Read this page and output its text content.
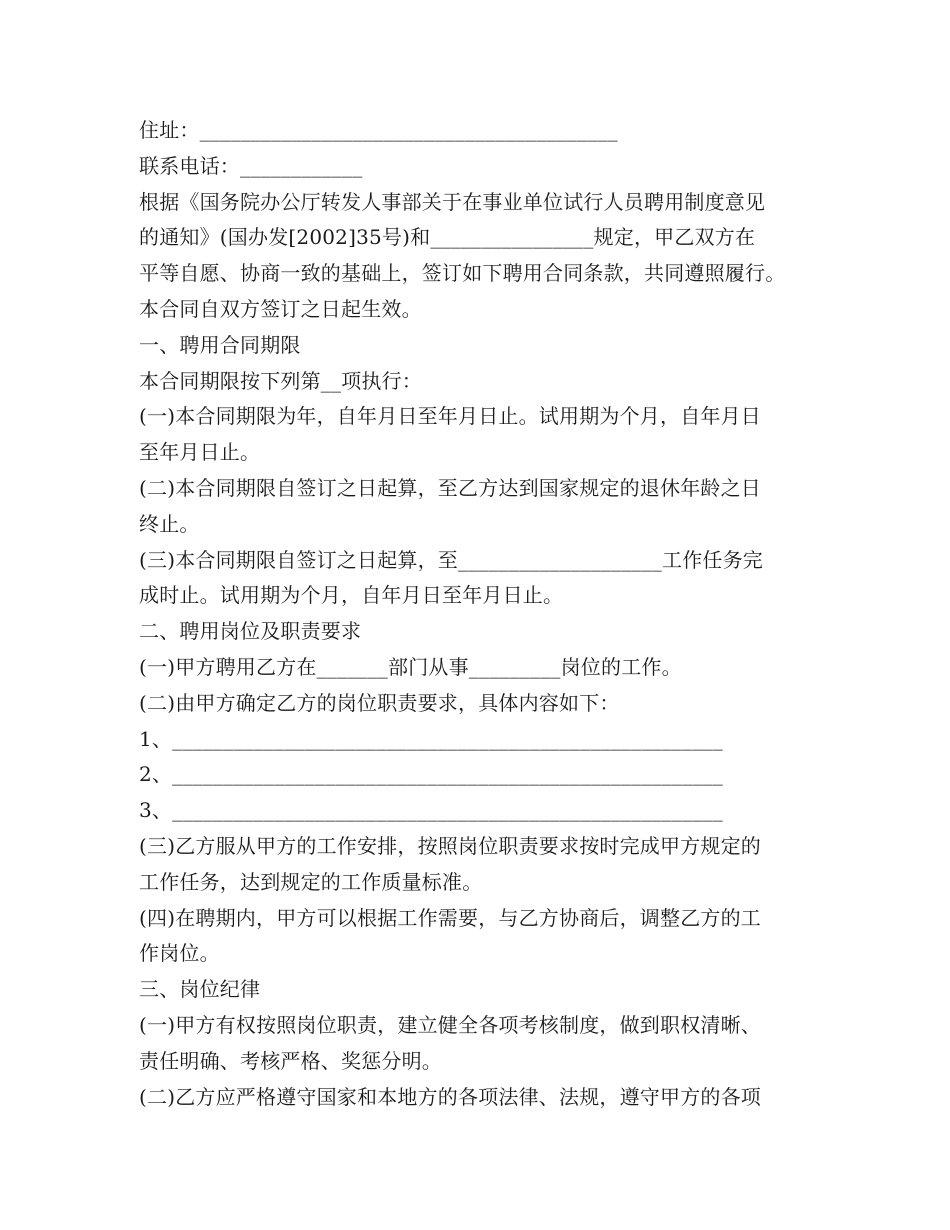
住址：_________________________________________
联系电话：____________
根据《国务院办公厅转发人事部关于在事业单位试行人员聘用制度意见
的通知》(国办发[2002]35号)和________________规定，甲乙双方在
平等自愿、协商一致的基础上，签订如下聘用合同条款，共同遵照履行。
本合同自双方签订之日起生效。
一、聘用合同期限
本合同期限按下列第__项执行：
(一)本合同期限为年，自年月日至年月日止。试用期为个月，自年月日
至年月日止。
(二)本合同期限自签订之日起算，至乙方达到国家规定的退休年龄之日
终止。
(三)本合同期限自签订之日起算，至____________________工作任务完
成时止。试用期为个月，自年月日至年月日止。
二、聘用岗位及职责要求
(一)甲方聘用乙方在_______部门从事_________岗位的工作。
(二)由甲方确定乙方的岗位职责要求，具体内容如下：
1、______________________________________________________
2、______________________________________________________
3、______________________________________________________
(三)乙方服从甲方的工作安排，按照岗位职责要求按时完成甲方规定的
工作任务，达到规定的工作质量标准。
(四)在聘期内，甲方可以根据工作需要，与乙方协商后，调整乙方的工
作岗位。
三、岗位纪律
(一)甲方有权按照岗位职责，建立健全各项考核制度，做到职权清晰、
责任明确、考核严格、奖惩分明。
(二)乙方应严格遵守国家和本地方的各项法律、法规，遵守甲方的各项
